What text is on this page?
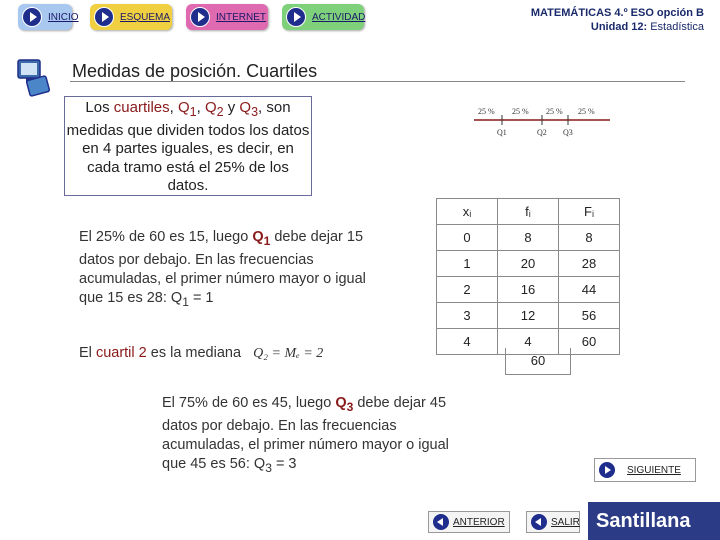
INICIO	ESQUEMA	INTERNET	ACTIVIDAD	MATEMÁTICAS 4.º ESO opción B
Unidad 12: Estadística
Medidas de posición. Cuartiles
Los cuartiles, $Q_1$, $Q_2$ y $Q_3$, son medidas que dividen todos los datos en 4 partes iguales, es decir, en cada tramo está el 25% de los datos.
25 % 25 % 25 % 25 %
Q1	Q2 Q3
El 25% de 60 es 15, luego $Q_1$ debe dejar 15 datos por debajo. En las frecuencias acumuladas, el primer número mayor o igual que 15 es 28: $Q_1 = 1$
El cuartil 2 es la mediana Q₂ = Mₑ = 2
El 75% de 60 es 45, luego $Q_3$ debe dejar 45 datos por debajo. En las frecuencias acumuladas, el primer número mayor o igual que 45 es 56: $Q_3 = 3$
xᵢ	fᵢ	Fᵢ
0	8	8
1	20	28
2	16	44
3	12	56
4	4	60
60
SIGUIENTE
ANTERIOR	SALIR Santillana
